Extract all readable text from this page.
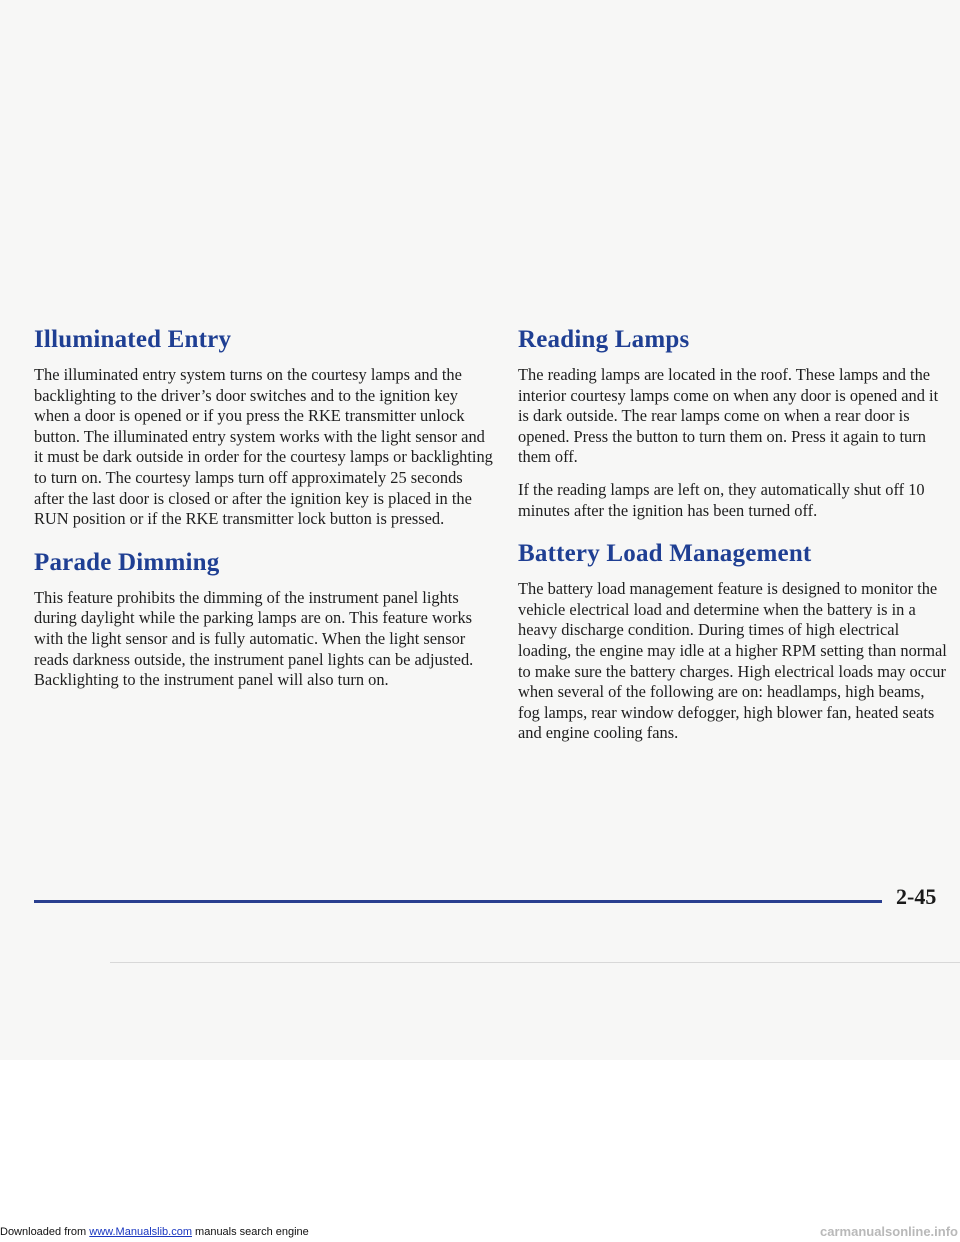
Illuminated Entry

The illuminated entry system turns on the courtesy lamps and the backlighting to the driver’s door switches and to the ignition key when a door is opened or if you press the RKE transmitter unlock button. The illuminated entry system works with the light sensor and it must be dark outside in order for the courtesy lamps or backlighting to turn on. The courtesy lamps turn off approximately 25 seconds after the last door is closed or after the ignition key is placed in the RUN position or if the RKE transmitter lock button is pressed.

Parade Dimming

This feature prohibits the dimming of the instrument panel lights during daylight while the parking lamps are on. This feature works with the light sensor and is fully automatic. When the light sensor reads darkness outside, the instrument panel lights can be adjusted. Backlighting to the instrument panel will also turn on.

Reading Lamps

The reading lamps are located in the roof. These lamps and the interior courtesy lamps come on when any door is opened and it is dark outside. The rear lamps come on when a rear door is opened. Press the button to turn them on. Press it again to turn them off.

If the reading lamps are left on, they automatically shut off 10 minutes after the ignition has been turned off.

Battery Load Management

The battery load management feature is designed to monitor the vehicle electrical load and determine when the battery is in a heavy discharge condition. During times of high electrical loading, the engine may idle at a higher RPM setting than normal to make sure the battery charges. High electrical loads may occur when several of the following are on: headlamps, high beams, fog lamps, rear window defogger, high blower fan, heated seats and engine cooling fans.

2-45
Downloaded from www.Manualslib.com manuals search engine	carmanualsonline.info
